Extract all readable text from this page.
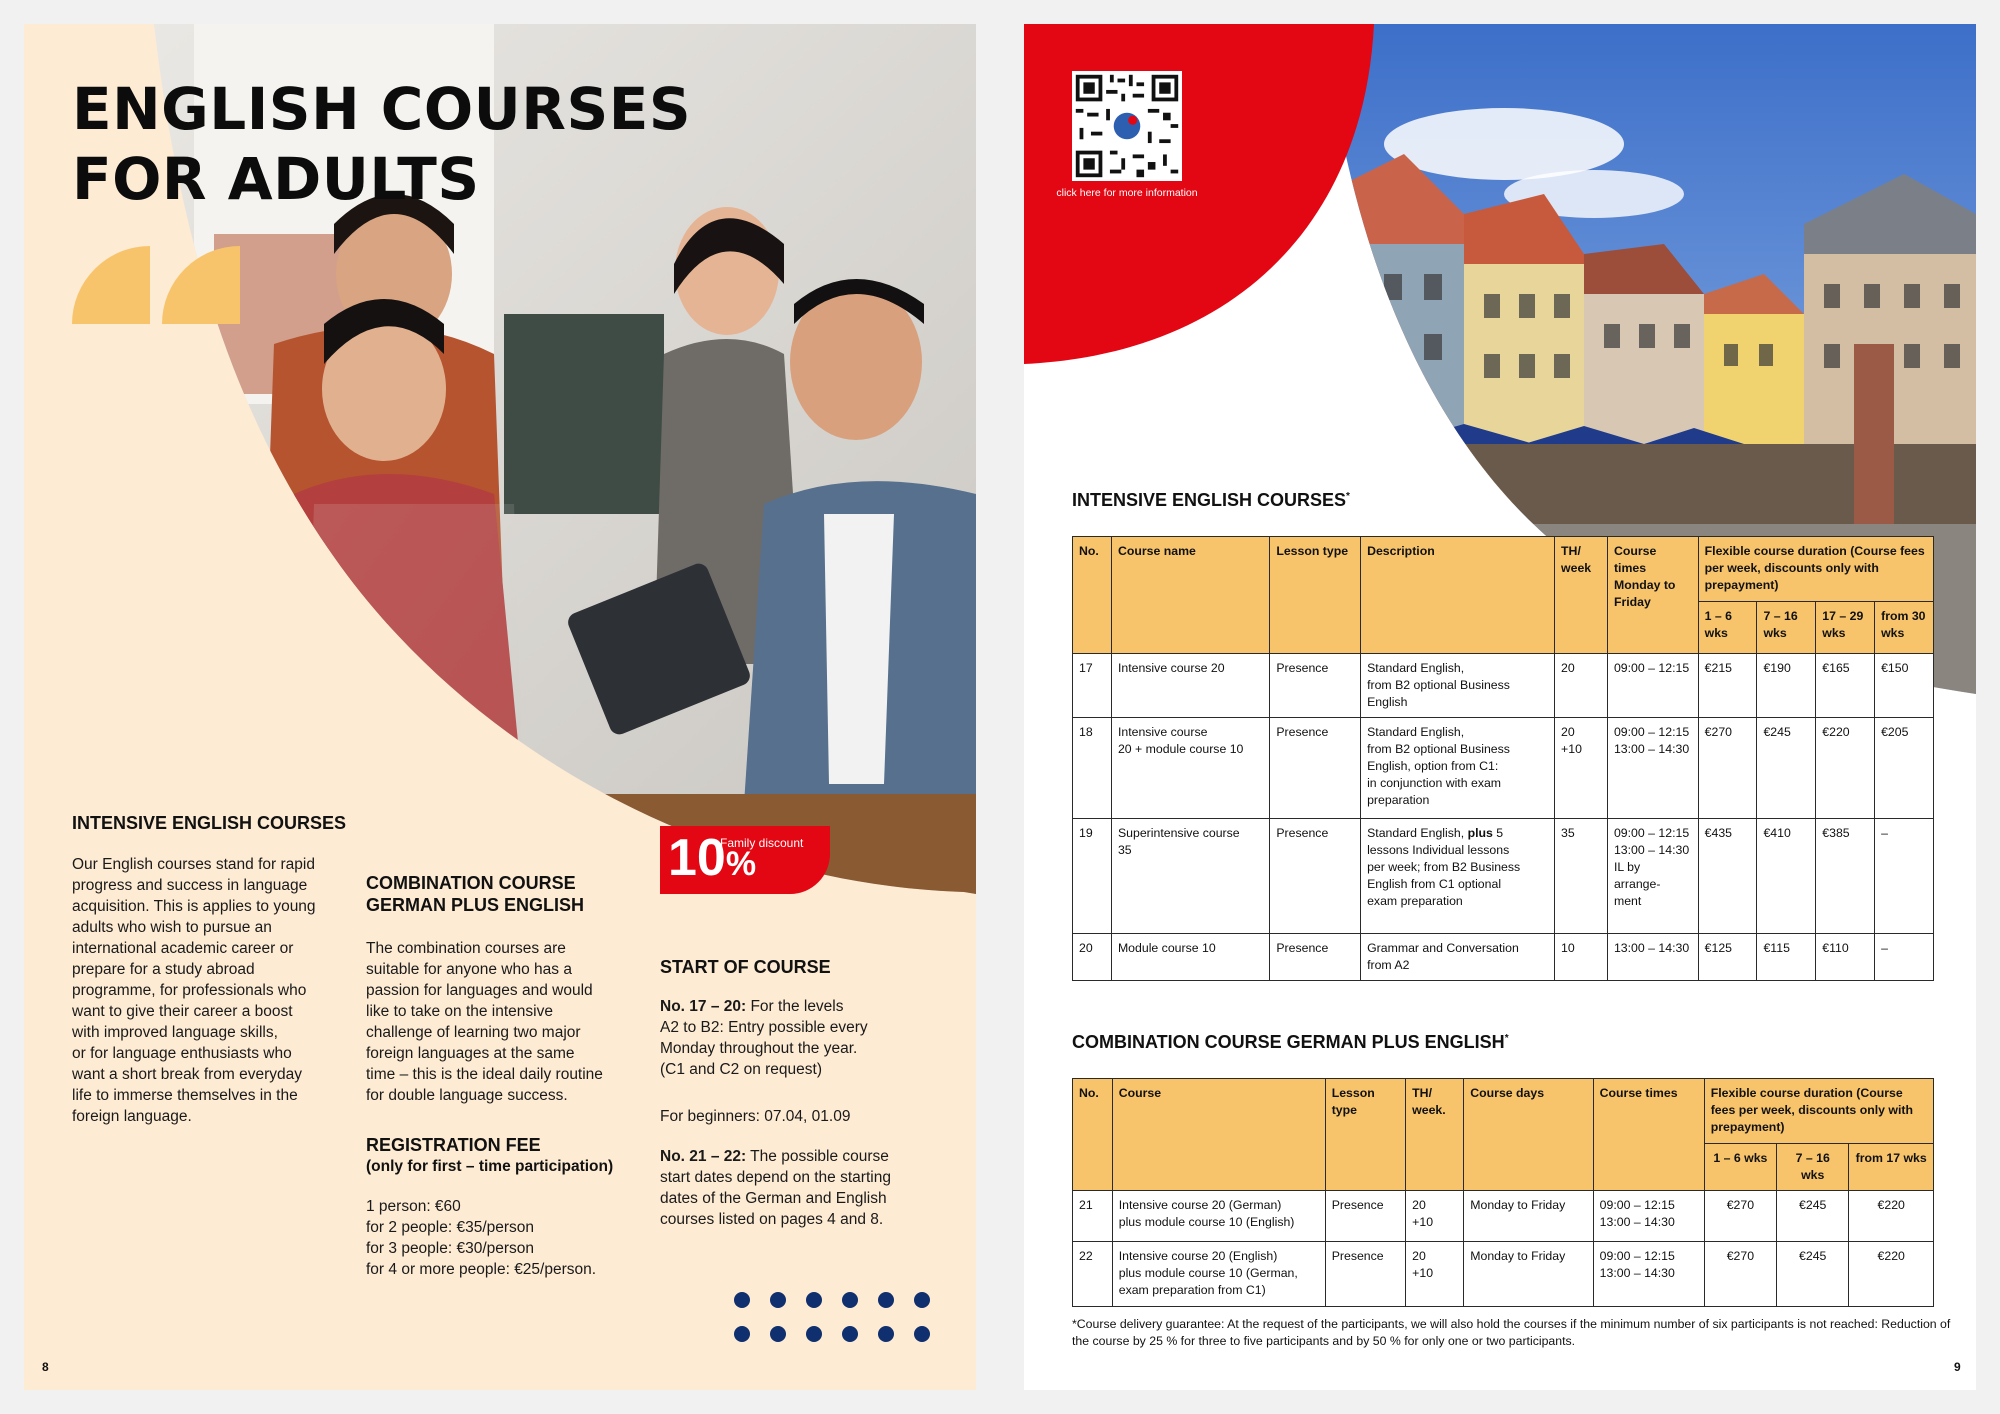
ENGLISH COURSES
FOR ADULTS
10%
Family discount
INTENSIVE ENGLISH COURSES
Our English courses stand for rapid
progress and success in language
acquisition. This is applies to young
adults who wish to pursue an
international academic career or
prepare for a study abroad
programme, for professionals who
want to give their career a boost
with improved language skills,
or for language enthusiasts who
want a short break from everyday
life to immerse themselves in the
foreign language.
COMBINATION COURSE
GERMAN PLUS ENGLISH
The combination courses are
suitable for anyone who has a
passion for languages and would
like to take on the intensive
challenge of learning two major
foreign languages at the same
time – this is the ideal daily routine
for double language success.
REGISTRATION FEE
(only for first – time participation)
1 person: €60
for 2 people: €35/person
for 3 people: €30/person
for 4 or more people: €25/person.
START OF COURSE
No. 17 – 20: For the levels
A2 to B2: Entry possible every
Monday throughout the year.
(C1 and C2 on request)
For beginners: 07.04, 01.09
No. 21 – 22: The possible course
start dates depend on the starting
dates of the German and English
courses listed on pages 4 and 8.
8
click here for more information
INTENSIVE ENGLISH COURSES*
No.	Course name	Lesson type	Description	TH/ week	Course times Monday to Friday	Flexible course duration (Course fees per week, discounts only with prepayment)			
						1 – 6 wks	7 – 16 wks	17 – 29 wks	from 30 wks
17	Intensive course 20	Presence	Standard English,
from B2 optional Business
English	20	09:00 – 12:15	€215	€190	€165	€150
18	Intensive course
20 + module course 10	Presence	Standard English,
from B2 optional Business
English, option from C1:
in conjunction with exam
preparation	20
+10	09:00 – 12:15
13:00 – 14:30	€270	€245	€220	€205
19	Superintensive course
35	Presence	Standard English, plus 5
lessons Individual lessons
per week; from B2 Business
English from C1 optional
exam preparation	35	09:00 – 12:15
13:00 – 14:30
IL by
arrange-
ment	€435	€410	€385	–
20	Module course 10	Presence	Grammar and Conversation
from A2	10	13:00 – 14:30	€125	€115	€110	–
COMBINATION COURSE GERMAN PLUS ENGLISH*
No.	Course	Lesson type	TH/ week.	Course days	Course times	Flexible course duration (Course fees per week, discounts only with prepayment)		
						1 – 6 wks	7 – 16 wks	from 17 wks
21	Intensive course 20 (German)
plus module course 10 (English)	Presence	20
+10	Monday to Friday	09:00 – 12:15
13:00 – 14:30	€270	€245	€220
22	Intensive course 20 (English)
plus module course 10 (German,
exam preparation from C1)	Presence	20
+10	Monday to Friday	09:00 – 12:15
13:00 – 14:30	€270	€245	€220
*Course delivery guarantee: At the request of the participants, we will also hold the courses if the minimum number of six participants is not reached: Reduction of the course by 25 % for three to five participants and by 50 % for only one or two participants.
9
